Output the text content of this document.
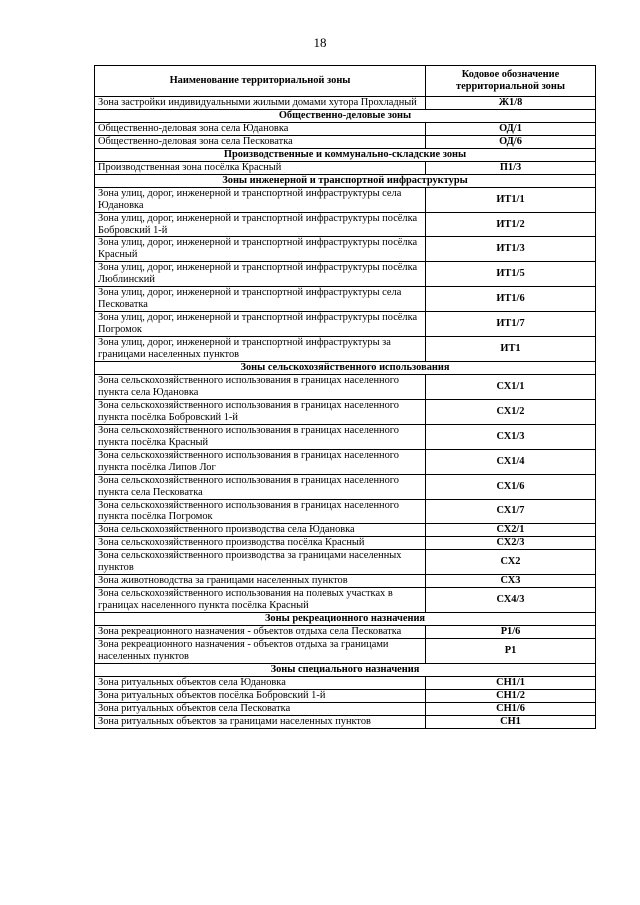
18
Наименование территориальной зоны	Кодовое обозначение территориальной зоны
Зона застройки индивидуальными жилыми домами хутора Прохладный	Ж1/8
Общественно-деловые зоны	
Общественно-деловая зона села Юдановка	ОД/1
Общественно-деловая зона села Песковатка	ОД/6
Производственные и коммунально-складские зоны	
Производственная зона посёлка Красный	П1/3
Зоны инженерной и транспортной инфраструктуры	
Зона улиц, дорог, инженерной и транспортной инфраструктуры села Юдановка	ИТ1/1
Зона улиц, дорог, инженерной и транспортной инфраструктуры посёлка Бобровский 1-й	ИТ1/2
Зона улиц, дорог, инженерной и транспортной инфраструктуры посёлка Красный	ИТ1/3
Зона улиц, дорог, инженерной и транспортной инфраструктуры посёлка Люблинский	ИТ1/5
Зона улиц, дорог, инженерной и транспортной инфраструктуры села Песковатка	ИТ1/6
Зона улиц, дорог, инженерной и транспортной инфраструктуры посёлка Погромок	ИТ1/7
Зона улиц, дорог, инженерной и транспортной инфраструктуры за границами населенных пунктов	ИТ1
Зоны сельскохозяйственного использования	
Зона сельскохозяйственного использования в границах населенного пункта села Юдановка	СХ1/1
Зона сельскохозяйственного использования в границах населенного пункта посёлка Бобровский 1-й	СХ1/2
Зона сельскохозяйственного использования в границах населенного пункта посёлка Красный	СХ1/3
Зона сельскохозяйственного использования в границах населенного пункта посёлка Липов Лог	СХ1/4
Зона сельскохозяйственного использования в границах населенного пункта села Песковатка	СХ1/6
Зона сельскохозяйственного использования в границах населенного пункта посёлка Погромок	СХ1/7
Зона сельскохозяйственного производства села Юдановка	СХ2/1
Зона сельскохозяйственного производства посёлка Красный	СХ2/3
Зона сельскохозяйственного производства за границами населенных пунктов	СХ2
Зона животноводства за границами населенных пунктов	СХ3
Зона сельскохозяйственного использования на полевых участках в границах населенного пункта посёлка Красный	СХ4/3
Зоны рекреационного назначения	
Зона рекреационного назначения - объектов отдыха села Песковатка	Р1/6
Зона рекреационного назначения - объектов отдыха за границами населенных пунктов	Р1
Зоны специального назначения	
Зона ритуальных объектов села Юдановка	СН1/1
Зона ритуальных объектов посёлка Бобровский 1-й	СН1/2
Зона ритуальных объектов села Песковатка	СН1/6
Зона ритуальных объектов за границами населенных пунктов	СН1
